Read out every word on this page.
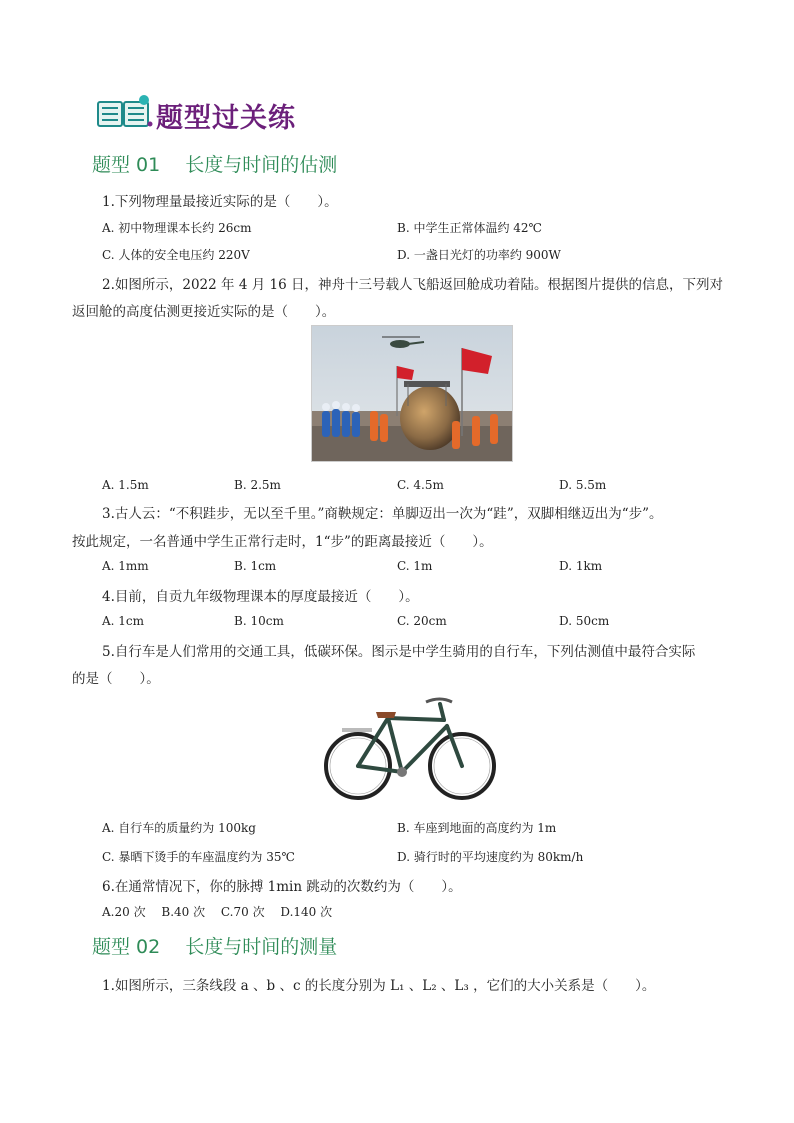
题型过关练
题型 01　 长度与时间的估测
1.下列物理量最接近实际的是（　　）。
A. 初中物理课本长约 26cm	B. 中学生正常体温约 42℃
C. 人体的安全电压约 220V	D. 一盏日光灯的功率约 900W
2.如图所示，2022 年 4 月 16 日，神舟十三号载人飞船返回舱成功着陆。根据图片提供的信息，下列对
返回舱的高度估测更接近实际的是（　　）。
A. 1.5m	B. 2.5m	C. 4.5m	D. 5.5m
3.古人云：“不积跬步，无以至千里。”商鞅规定：单脚迈出一次为“跬”，双脚相继迈出为“步”。
按此规定，一名普通中学生正常行走时，1“步”的距离最接近（　　）。
A. 1mm	B. 1cm	C. 1m	D. 1km
4.目前，自贡九年级物理课本的厚度最接近（　　）。
A. 1cm	B. 10cm	C. 20cm	D. 50cm
5.自行车是人们常用的交通工具，低碳环保。图示是中学生骑用的自行车，下列估测值中最符合实际
的是（　　）。
A. 自行车的质量约为 100kg	B. 车座到地面的高度约为 1m
C. 暴晒下烫手的车座温度约为 35℃	D. 骑行时的平均速度约为 80km/h
6.在通常情况下，你的脉搏 1min 跳动的次数约为（　　）。
A.20 次　 B.40 次　 C.70 次　 D.140 次
题型 02　 长度与时间的测量
1.如图所示，三条线段 a 、b 、c 的长度分别为 L₁ 、L₂ 、L₃ ，它们的大小关系是（　　）。
